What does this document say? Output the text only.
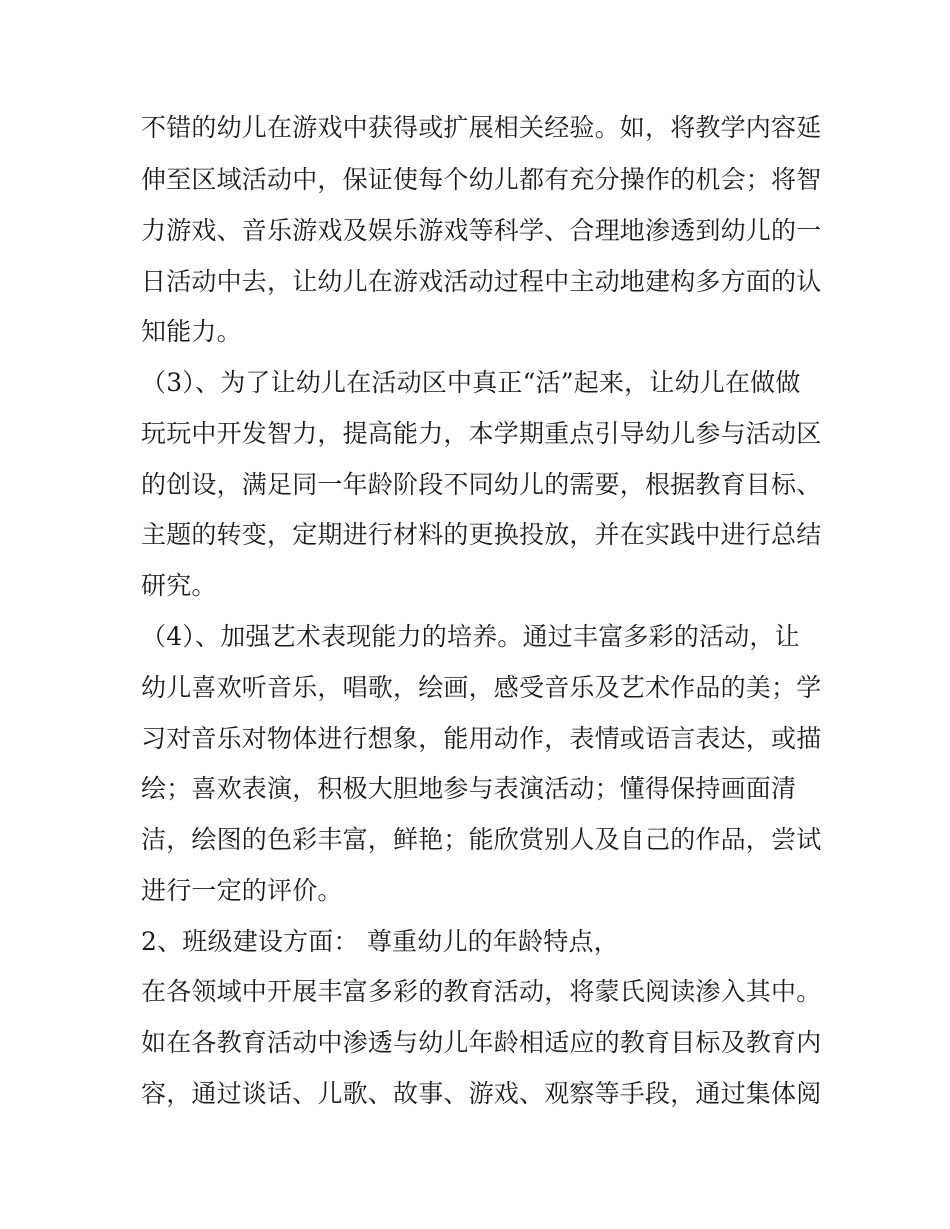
不错的幼儿在游戏中获得或扩展相关经验。如，将教学内容延
伸至区域活动中，保证使每个幼儿都有充分操作的机会；将智
力游戏、音乐游戏及娱乐游戏等科学、合理地渗透到幼儿的一
日活动中去，让幼儿在游戏活动过程中主动地建构多方面的认
知能力。
（3）、为了让幼儿在活动区中真正“活”起来，让幼儿在做做
玩玩中开发智力，提高能力，本学期重点引导幼儿参与活动区
的创设，满足同一年龄阶段不同幼儿的需要，根据教育目标、
主题的转变，定期进行材料的更换投放，并在实践中进行总结
研究。
（4）、加强艺术表现能力的培养。通过丰富多彩的活动，让
幼儿喜欢听音乐，唱歌，绘画，感受音乐及艺术作品的美；学
习对音乐对物体进行想象，能用动作，表情或语言表达，或描
绘；喜欢表演，积极大胆地参与表演活动；懂得保持画面清
洁，绘图的色彩丰富，鲜艳；能欣赏别人及自己的作品，尝试
进行一定的评价。
2、班级建设方面： 尊重幼儿的年龄特点，
在各领域中开展丰富多彩的教育活动，将蒙氏阅读渗入其中。
如在各教育活动中渗透与幼儿年龄相适应的教育目标及教育内
容，通过谈话、儿歌、故事、游戏、观察等手段，通过集体阅
